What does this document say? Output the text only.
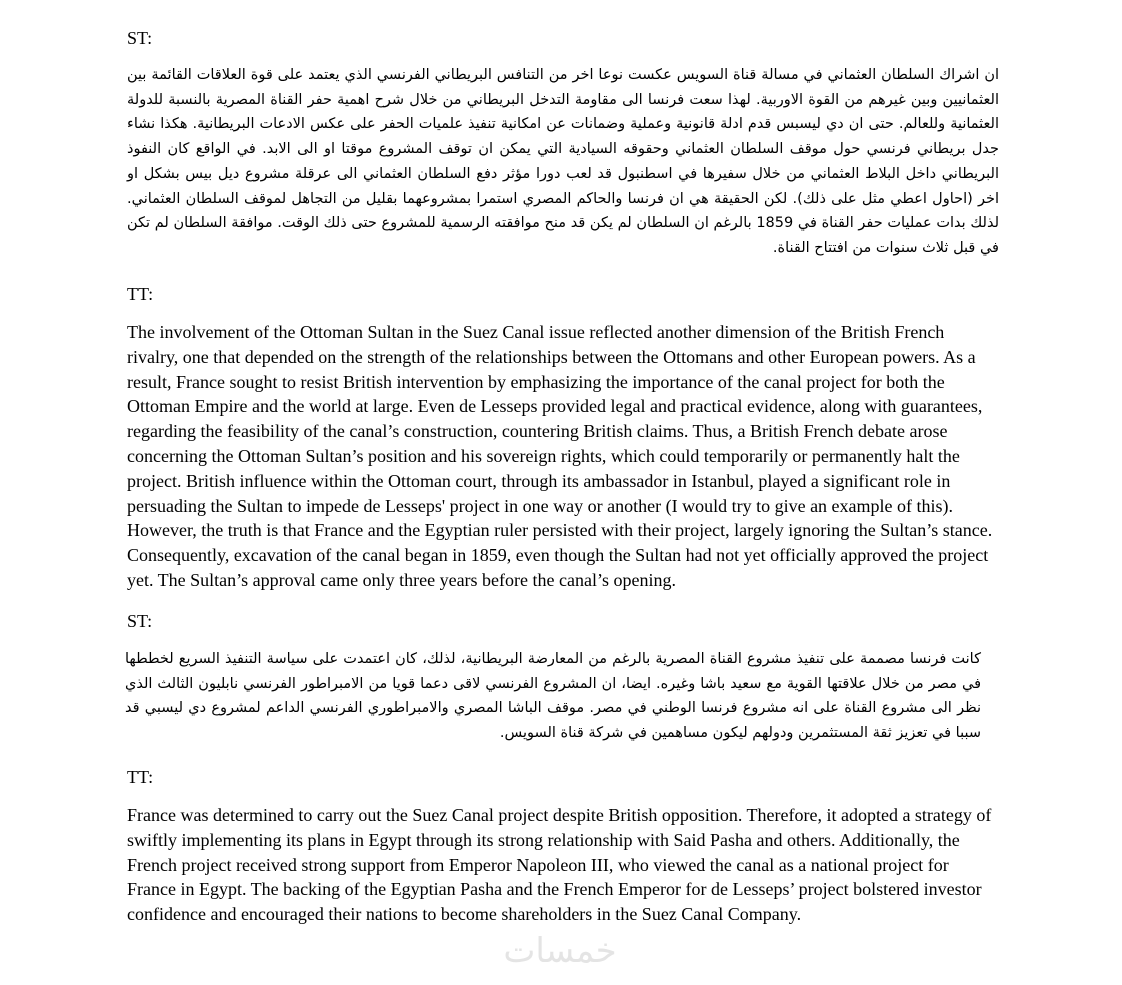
ST:
ان اشراك السلطان العثماني في مسالة قناة السويس عكست نوعا اخر من التنافس البريطاني الفرنسي الذي يعتمد على قوة العلاقات القائمة بين العثمانيين وبين غيرهم من القوة الاوربية. لهذا سعت فرنسا الى مقاومة التدخل البريطاني من خلال شرح اهمية حفر القناة المصرية بالنسبة للدولة العثمانية وللعالم. حتى ان دي ليسبس قدم ادلة قانونية وعملية وضمانات عن امكانية تنفيذ علميات الحفر على عكس الادعات البريطانية. هكذا نشاء جدل بريطاني فرنسي حول موقف السلطان العثماني وحقوقه السيادية التي يمكن ان توقف المشروع موقتا او الى الابد. في الواقع كان النفوذ البريطاني داخل البلاط العثماني من خلال سفيرها في اسطنبول قد لعب دورا مؤثر دفع السلطان العثماني الى عرقلة مشروع ديل بيس بشكل او اخر (احاول اعطي مثل على ذلك). لكن الحقيقة هي ان فرنسا والحاكم المصري استمرا بمشروعهما بقليل من التجاهل لموقف السلطان العثماني. لذلك بدات عمليات حفر القناة في 1859 بالرغم ان السلطان لم يكن قد منح موافقته الرسمية للمشروع حتى ذلك الوقت. موافقة السلطان لم تكن في قبل ثلاث سنوات من افتتاح القناة.
TT:
The involvement of the Ottoman Sultan in the Suez Canal issue reflected another dimension of the British French rivalry, one that depended on the strength of the relationships between the Ottomans and other European powers. As a result, France sought to resist British intervention by emphasizing the importance of the canal project for both the Ottoman Empire and the world at large. Even de Lesseps provided legal and practical evidence, along with guarantees, regarding the feasibility of the canal’s construction, countering British claims. Thus, a British French debate arose concerning the Ottoman Sultan’s position and his sovereign rights, which could temporarily or permanently halt the project. British influence within the Ottoman court, through its ambassador in Istanbul, played a significant role in persuading the Sultan to impede de Lesseps' project in one way or another (I would try to give an example of this). However, the truth is that France and the Egyptian ruler persisted with their project, largely ignoring the Sultan’s stance. Consequently, excavation of the canal began in 1859, even though the Sultan had not yet officially approved the project yet. The Sultan’s approval came only three years before the canal’s opening.
ST:
كانت فرنسا مصممة على تنفيذ مشروع القناة المصرية بالرغم من المعارضة البريطانية، لذلك، كان اعتمدت على سياسة التنفيذ السريع لخططها في مصر من خلال علاقتها القوية مع سعيد باشا وغيره. ايضا، ان المشروع الفرنسي لاقى دعما قويا من الامبراطور الفرنسي نابليون الثالث الذي نظر الى مشروع القناة على انه مشروع فرنسا الوطني في مصر. موقف الباشا المصري والامبراطوري الفرنسي الداعم لمشروع دي ليسبي قد سببا في تعزيز ثقة المستثمرين ودولهم ليكون مساهمين في شركة قناة السويس.
TT:
France was determined to carry out the Suez Canal project despite British opposition. Therefore, it adopted a strategy of swiftly implementing its plans in Egypt through its strong relationship with Said Pasha and others. Additionally, the French project received strong support from Emperor Napoleon III, who viewed the canal as a national project for France in Egypt. The backing of the Egyptian Pasha and the French Emperor for de Lesseps’ project bolstered investor confidence and encouraged their nations to become shareholders in the Suez Canal Company.
خمسات
